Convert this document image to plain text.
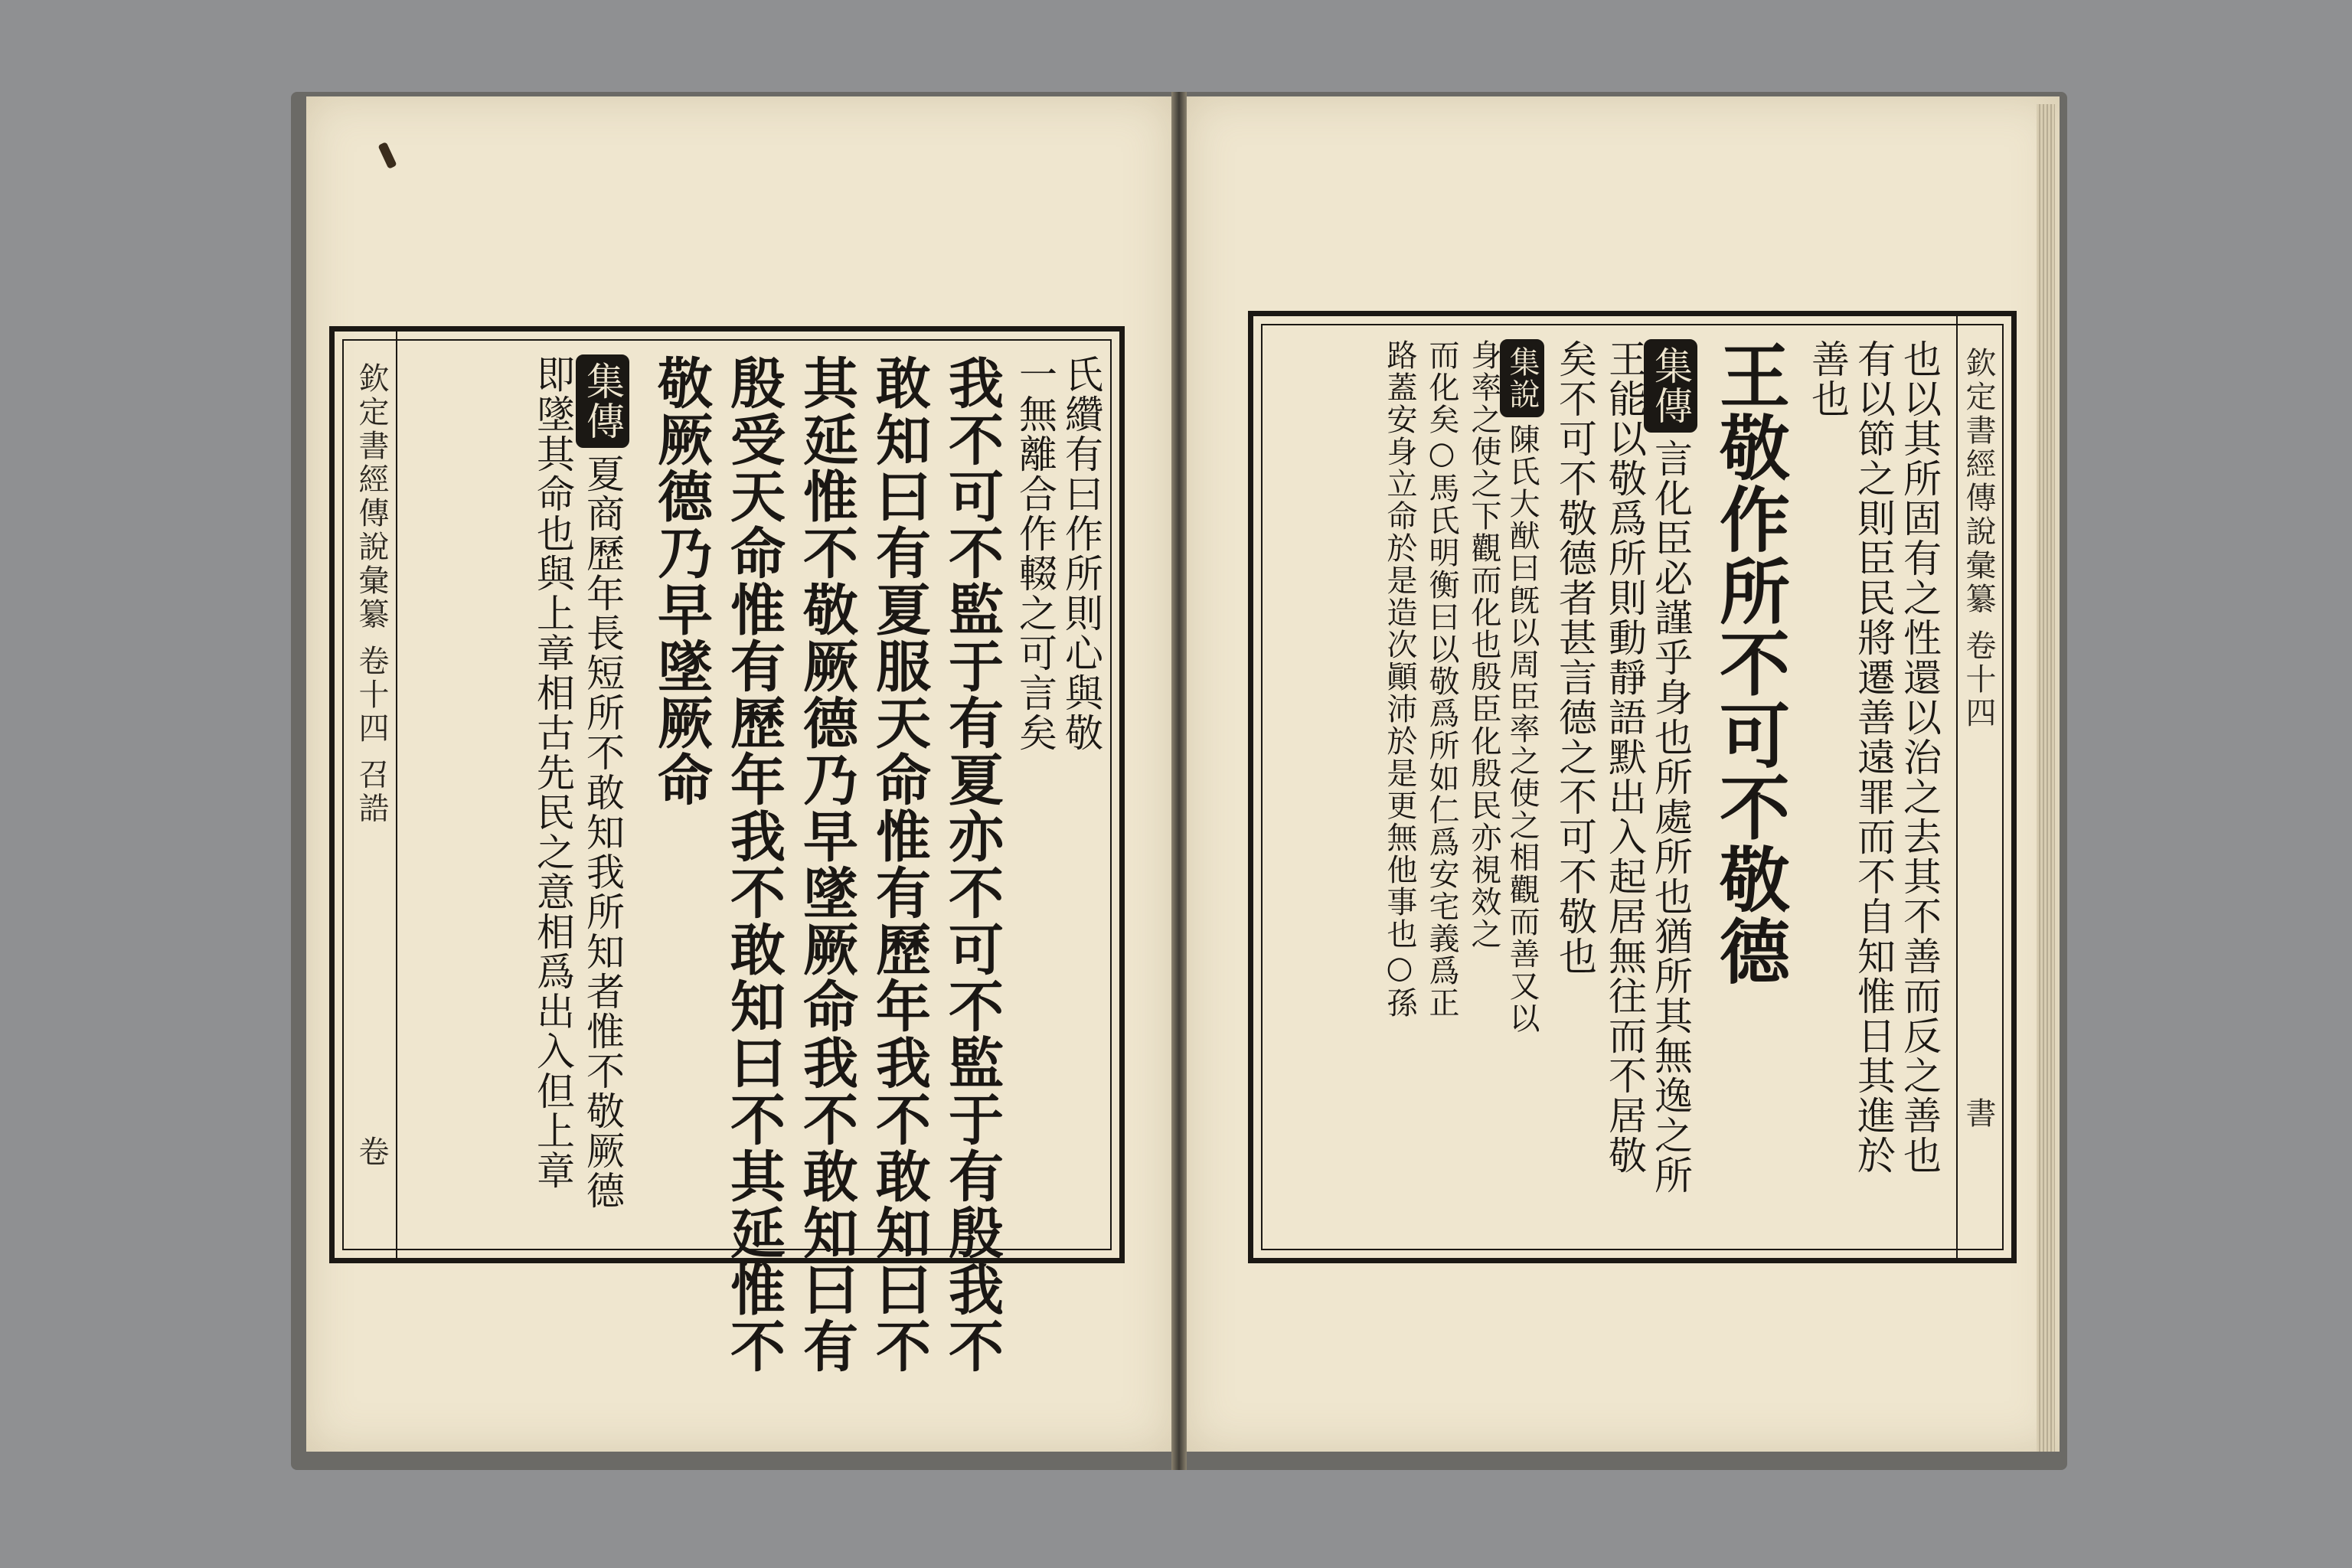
欽定書經傳說彙纂 卷十四 召誥
卷
氏纘有曰作所則心與敬
一無離合作輟之可言矣
我不可不監于有夏亦不可不監于有殷我不
敢知曰有夏服天命惟有歷年我不敢知曰不
其延惟不敬厥德乃早墜厥命我不敢知曰有
殷受天命惟有歷年我不敢知曰不其延惟不
敬厥德乃早墜厥命
集傳夏商歷年長短所不敢知我所知者惟不敬厥德
即墜其命也與上章相古先民之意相爲出入但上章	欽定書經傳說彙纂 卷十四
書
也以其所固有之性還以治之去其不善而反之善也
有以節之則臣民將遷善遠罪而不自知惟日其進於
善也
王敬作所不可不敬德
集傳言化臣必謹乎身也所處所也猶所其無逸之所
王能以敬爲所則動靜語默出入起居無往而不居敬
矣不可不敬德者甚言德之不可不敬也
集說陳氏大猷曰旣以周臣率之使之相觀而善又以
身率之使之下觀而化也殷臣化殷民亦視效之
而化矣○馬氏明衡曰以敬爲所如仁爲安宅義爲正
路蓋安身立命於是造次顚沛於是更無他事也○孫
